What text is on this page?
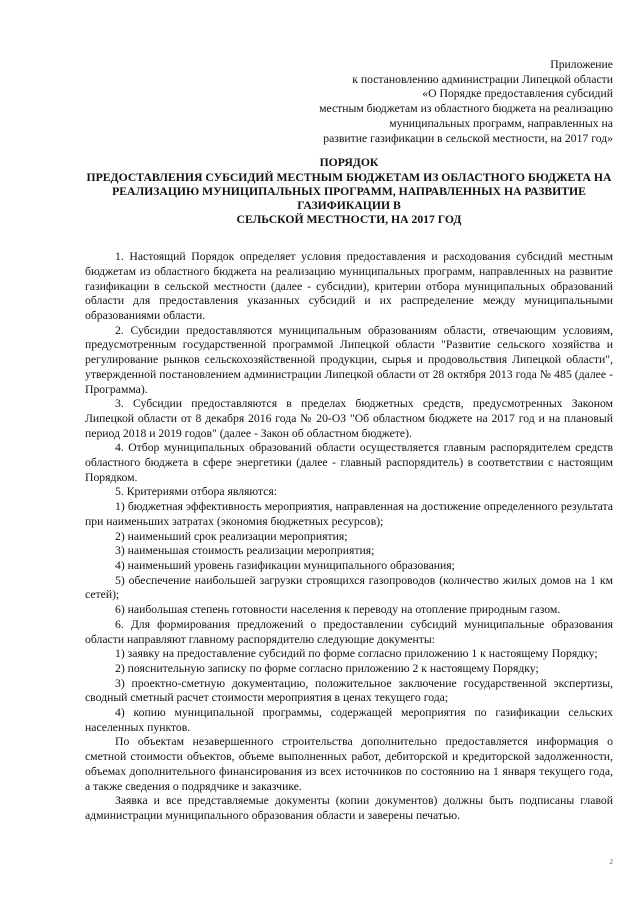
Приложение
к постановлению администрации Липецкой области
«О Порядке предоставления субсидий
местным бюджетам из областного бюджета на реализацию
муниципальных программ, направленных на
развитие газификации в сельской местности, на 2017 год»
ПОРЯДОК
ПРЕДОСТАВЛЕНИЯ СУБСИДИЙ МЕСТНЫМ БЮДЖЕТАМ ИЗ ОБЛАСТНОГО БЮДЖЕТА НА
РЕАЛИЗАЦИЮ МУНИЦИПАЛЬНЫХ ПРОГРАММ, НАПРАВЛЕННЫХ НА РАЗВИТИЕ ГАЗИФИКАЦИИ В
СЕЛЬСКОЙ МЕСТНОСТИ, НА 2017 ГОД

1. Настоящий Порядок определяет условия предоставления и расходования субсидий местным бюджетам из областного бюджета на реализацию муниципальных программ, направленных на развитие газификации в сельской местности (далее - субсидии), критерии отбора муниципальных образований области для предоставления указанных субсидий и их распределение между муниципальными образованиями области.

2. Субсидии предоставляются муниципальным образованиям области, отвечающим условиям, предусмотренным государственной программой Липецкой области "Развитие сельского хозяйства и регулирование рынков сельскохозяйственной продукции, сырья и продовольствия Липецкой области", утвержденной постановлением администрации Липецкой области от 28 октября 2013 года № 485 (далее - Программа).

3. Субсидии предоставляются в пределах бюджетных средств, предусмотренных Законом Липецкой области от 8 декабря 2016 года № 20-ОЗ "Об областном бюджете на 2017 год и на плановый период 2018 и 2019 годов" (далее - Закон об областном бюджете).

4. Отбор муниципальных образований области осуществляется главным распорядителем средств областного бюджета в сфере энергетики (далее - главный распорядитель) в соответствии с настоящим Порядком.

5. Критериями отбора являются:

1) бюджетная эффективность мероприятия, направленная на достижение определенного результата при наименьших затратах (экономия бюджетных ресурсов);

2) наименьший срок реализации мероприятия;

3) наименьшая стоимость реализации мероприятия;

4) наименьший уровень газификации муниципального образования;

5) обеспечение наибольшей загрузки строящихся газопроводов (количество жилых домов на 1 км сетей);

6) наибольшая степень готовности населения к переводу на отопление природным газом.

6. Для формирования предложений о предоставлении субсидий муниципальные образования области направляют главному распорядителю следующие документы:

1) заявку на предоставление субсидий по форме согласно приложению 1 к настоящему Порядку;

2) пояснительную записку по форме согласно приложению 2 к настоящему Порядку;

3) проектно-сметную документацию, положительное заключение государственной экспертизы, сводный сметный расчет стоимости мероприятия в ценах текущего года;

4) копию муниципальной программы, содержащей мероприятия по газификации сельских населенных пунктов.

По объектам незавершенного строительства дополнительно предоставляется информация о сметной стоимости объектов, объеме выполненных работ, дебиторской и кредиторской задолженности, объемах дополнительного финансирования из всех источников по состоянию на 1 января текущего года, а также сведения о подрядчике и заказчике.

Заявка и все представляемые документы (копии документов) должны быть подписаны главой администрации муниципального образования области и заверены печатью.

2
